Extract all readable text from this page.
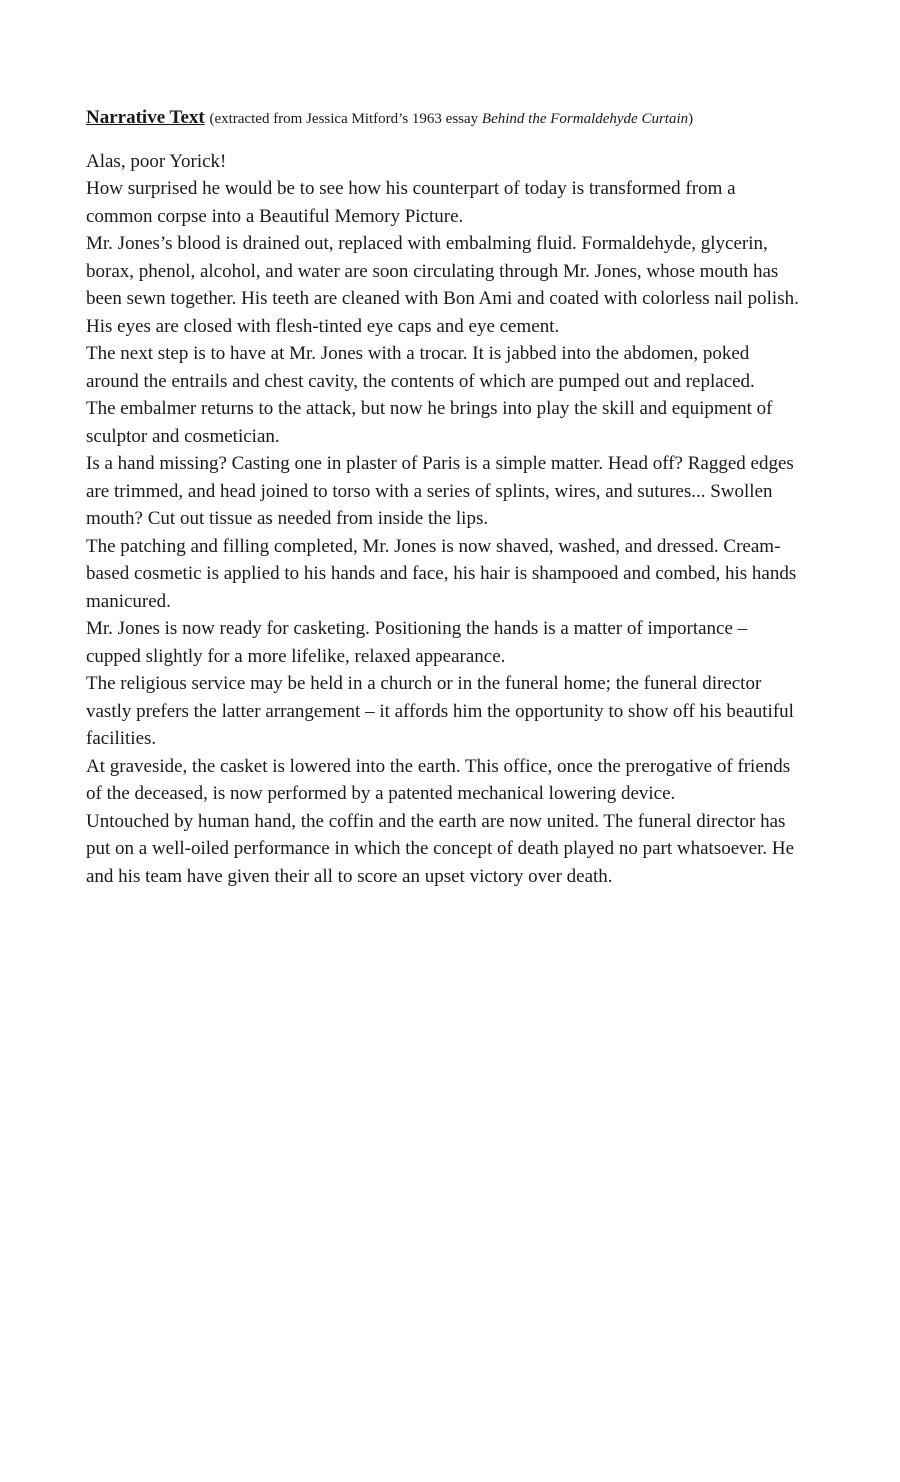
Narrative Text (extracted from Jessica Mitford’s 1963 essay Behind the Formaldehyde Curtain)

Alas, poor Yorick!

How surprised he would be to see how his counterpart of today is transformed from a common corpse into a Beautiful Memory Picture.

Mr. Jones’s blood is drained out, replaced with embalming fluid. Formaldehyde, glycerin, borax, phenol, alcohol, and water are soon circulating through Mr. Jones, whose mouth has been sewn together. His teeth are cleaned with Bon Ami and coated with colorless nail polish. His eyes are closed with flesh-tinted eye caps and eye cement.

The next step is to have at Mr. Jones with a trocar. It is jabbed into the abdomen, poked around the entrails and chest cavity, the contents of which are pumped out and replaced.

The embalmer returns to the attack, but now he brings into play the skill and equipment of sculptor and cosmetician.

Is a hand missing? Casting one in plaster of Paris is a simple matter. Head off? Ragged edges are trimmed, and head joined to torso with a series of splints, wires, and sutures... Swollen mouth? Cut out tissue as needed from inside the lips.

The patching and filling completed, Mr. Jones is now shaved, washed, and dressed. Cream-based cosmetic is applied to his hands and face, his hair is shampooed and combed, his hands manicured.

Mr. Jones is now ready for casketing. Positioning the hands is a matter of importance – cupped slightly for a more lifelike, relaxed appearance.

The religious service may be held in a church or in the funeral home; the funeral director vastly prefers the latter arrangement – it affords him the opportunity to show off his beautiful facilities.

At graveside, the casket is lowered into the earth. This office, once the prerogative of friends of the deceased, is now performed by a patented mechanical lowering device.

Untouched by human hand, the coffin and the earth are now united. The funeral director has put on a well-oiled performance in which the concept of death played no part whatsoever. He and his team have given their all to score an upset victory over death.
